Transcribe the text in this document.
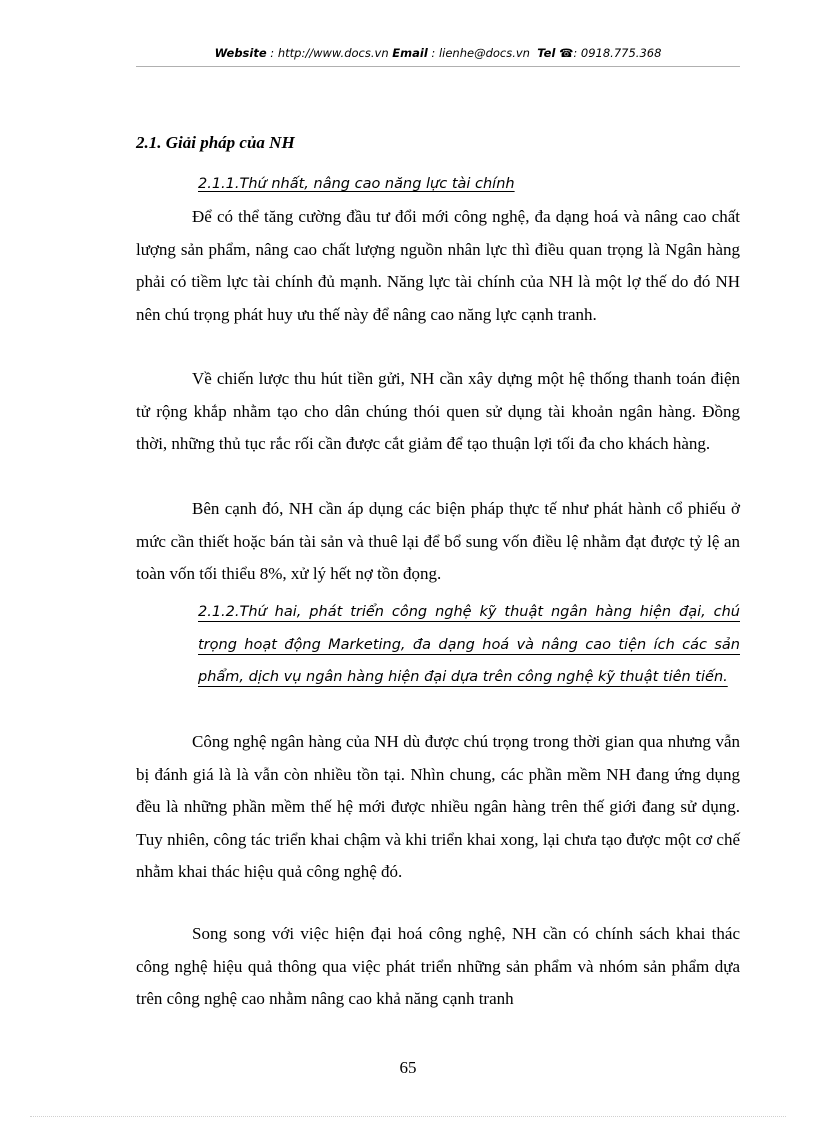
Website : http://www.docs.vn Email : lienhe@docs.vn Tel ☎: 0918.775.368
2.1. Giải pháp của NH
2.1.1.Thứ nhất, nâng cao năng lực tài chính

Để có thể tăng cường đầu tư đổi mới công nghệ, đa dạng hoá và nâng cao chất lượng sản phẩm, nâng cao chất lượng nguồn nhân lực thì điều quan trọng là Ngân hàng phải có tiềm lực tài chính đủ mạnh. Năng lực tài chính của NH là một lợ thế do đó NH nên chú trọng phát huy ưu thế này để nâng cao năng lực cạnh tranh.

Về chiến lược thu hút tiền gửi, NH cần xây dựng một hệ thống thanh toán điện tử rộng khắp nhằm tạo cho dân chúng thói quen sử dụng tài khoản ngân hàng. Đồng thời, những thủ tục rắc rối cần được cắt giảm để tạo thuận lợi tối đa cho khách hàng.

Bên cạnh đó, NH cần áp dụng các biện pháp thực tế như phát hành cổ phiếu ở mức cần thiết hoặc bán tài sản và thuê lại để bổ sung vốn điều lệ nhằm đạt được tỷ lệ an toàn vốn tối thiểu 8%, xử lý hết nợ tồn đọng.

2.1.2.Thứ hai, phát triển công nghệ kỹ thuật ngân hàng hiện đại, chú trọng hoạt động Marketing, đa dạng hoá và nâng cao tiện ích các sản phẩm, dịch vụ ngân hàng hiện đại dựa trên công nghệ kỹ thuật tiên tiến.

Công nghệ ngân hàng của NH dù được chú trọng trong thời gian qua nhưng vẫn bị đánh giá là là vẫn còn nhiều tồn tại. Nhìn chung, các phần mềm NH đang ứng dụng đều là những phần mềm thế hệ mới được nhiều ngân hàng trên thế giới đang sử dụng. Tuy nhiên, công tác triển khai chậm và khi triển khai xong, lại chưa tạo được một cơ chế nhằm khai thác hiệu quả công nghệ đó.

Song song với việc hiện đại hoá công nghệ, NH cần có chính sách khai thác công nghệ hiệu quả thông qua việc phát triển những sản phẩm và nhóm sản phẩm dựa trên công nghệ cao nhằm nâng cao khả năng cạnh tranh

65
